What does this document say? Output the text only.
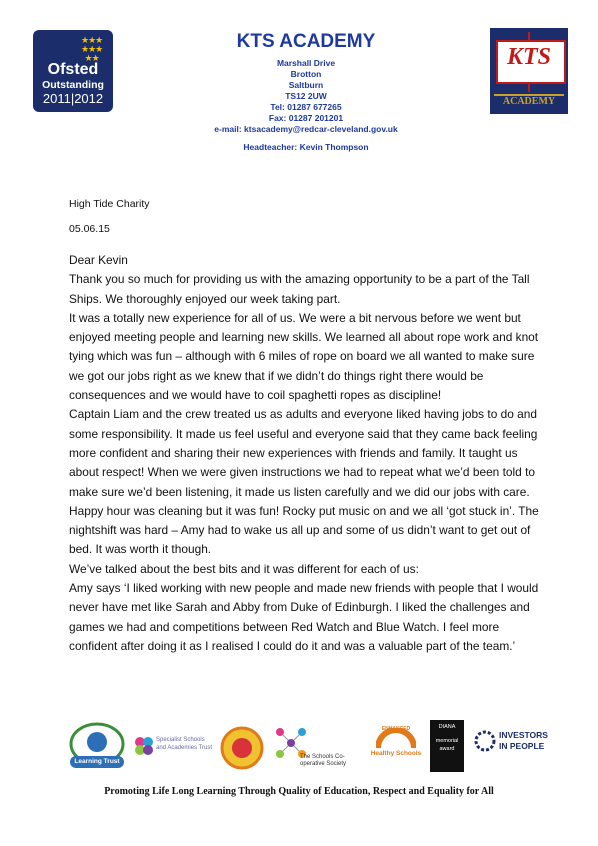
★★★
★★★
★★
Ofsted
Outstanding
2011|2012
KTS ACADEMY
Marshall Drive
Brotton
Saltburn
TS12 2UW
Tel: 01287 677265
Fax: 01287 201201
e-mail: ktsacademy@redcar-cleveland.gov.uk
Headteacher: Kevin Thompson
KTS
ACADEMY
High Tide Charity
05.06.15

Dear Kevin

Thank you so much for providing us with the amazing opportunity to be a part of the Tall Ships. We thoroughly enjoyed our week taking part.

It was a totally new experience for all of us. We were a bit nervous before we went but enjoyed meeting people and learning new skills. We learned all about rope work and knot tying which was fun – although with 6 miles of rope on board we all wanted to make sure we got our jobs right as we knew that if we didn’t do things right there would be consequences and we would have to coil spaghetti ropes as discipline!

Captain Liam and the crew treated us as adults and everyone liked having jobs to do and some responsibility. It made us feel useful and everyone said that they came back feeling more confident and sharing their new experiences with friends and family. It taught us about respect! When we were given instructions we had to repeat what we’d been told to make sure we’d been listening, it made us listen carefully and we did our jobs with care.

Happy hour was cleaning but it was fun! Rocky put music on and we all ‘got stuck in’. The nightshift was hard – Amy had to wake us all up and some of us didn’t want to get out of bed. It was worth it though.

We’ve talked about the best bits and it was different for each of us:

Amy says ‘I liked working with new people and made new friends with people that I would never have met like Sarah and Abby from Duke of Edinburgh. I liked the challenges and games we had and competitions between Red Watch and Blue Watch. I feel more confident after doing it as I realised I could do it and was a valuable part of the team.’

Learning Trust
Specialist Schools and Academies Trust
The Schools Co-operative Society
ENHANCED
Healthy Schools
DIANA
memorial
award
INVESTORS
IN PEOPLE
Promoting Life Long Learning Through Quality of Education, Respect and Equality for All
